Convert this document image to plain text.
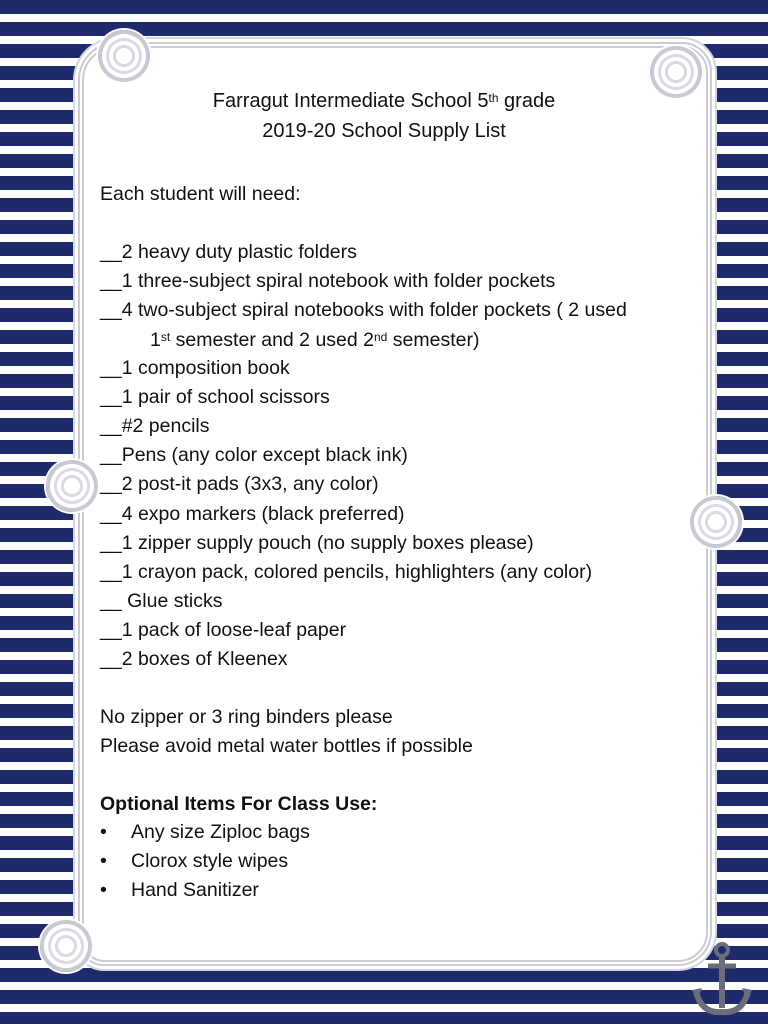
Farragut Intermediate School 5th grade
2019-20 School Supply List
Each student will need:
__2 heavy duty plastic folders
__1 three-subject spiral notebook with folder pockets
__4 two-subject spiral notebooks with folder pockets ( 2 used
1st semester and 2 used 2nd semester)
__1 composition book
__1 pair of school scissors
__#2 pencils
__Pens (any color except black ink)
__2 post-it pads (3x3, any color)
__4 expo markers (black preferred)
__1 zipper supply pouch (no supply boxes please)
__1 crayon pack, colored pencils, highlighters (any color)
__ Glue sticks
__1 pack of loose-leaf paper
__2 boxes of Kleenex
No zipper or 3 ring binders please
Please avoid metal water bottles if possible
Optional Items For Class Use:
• Any size Ziploc bags
• Clorox style wipes
• Hand Sanitizer
